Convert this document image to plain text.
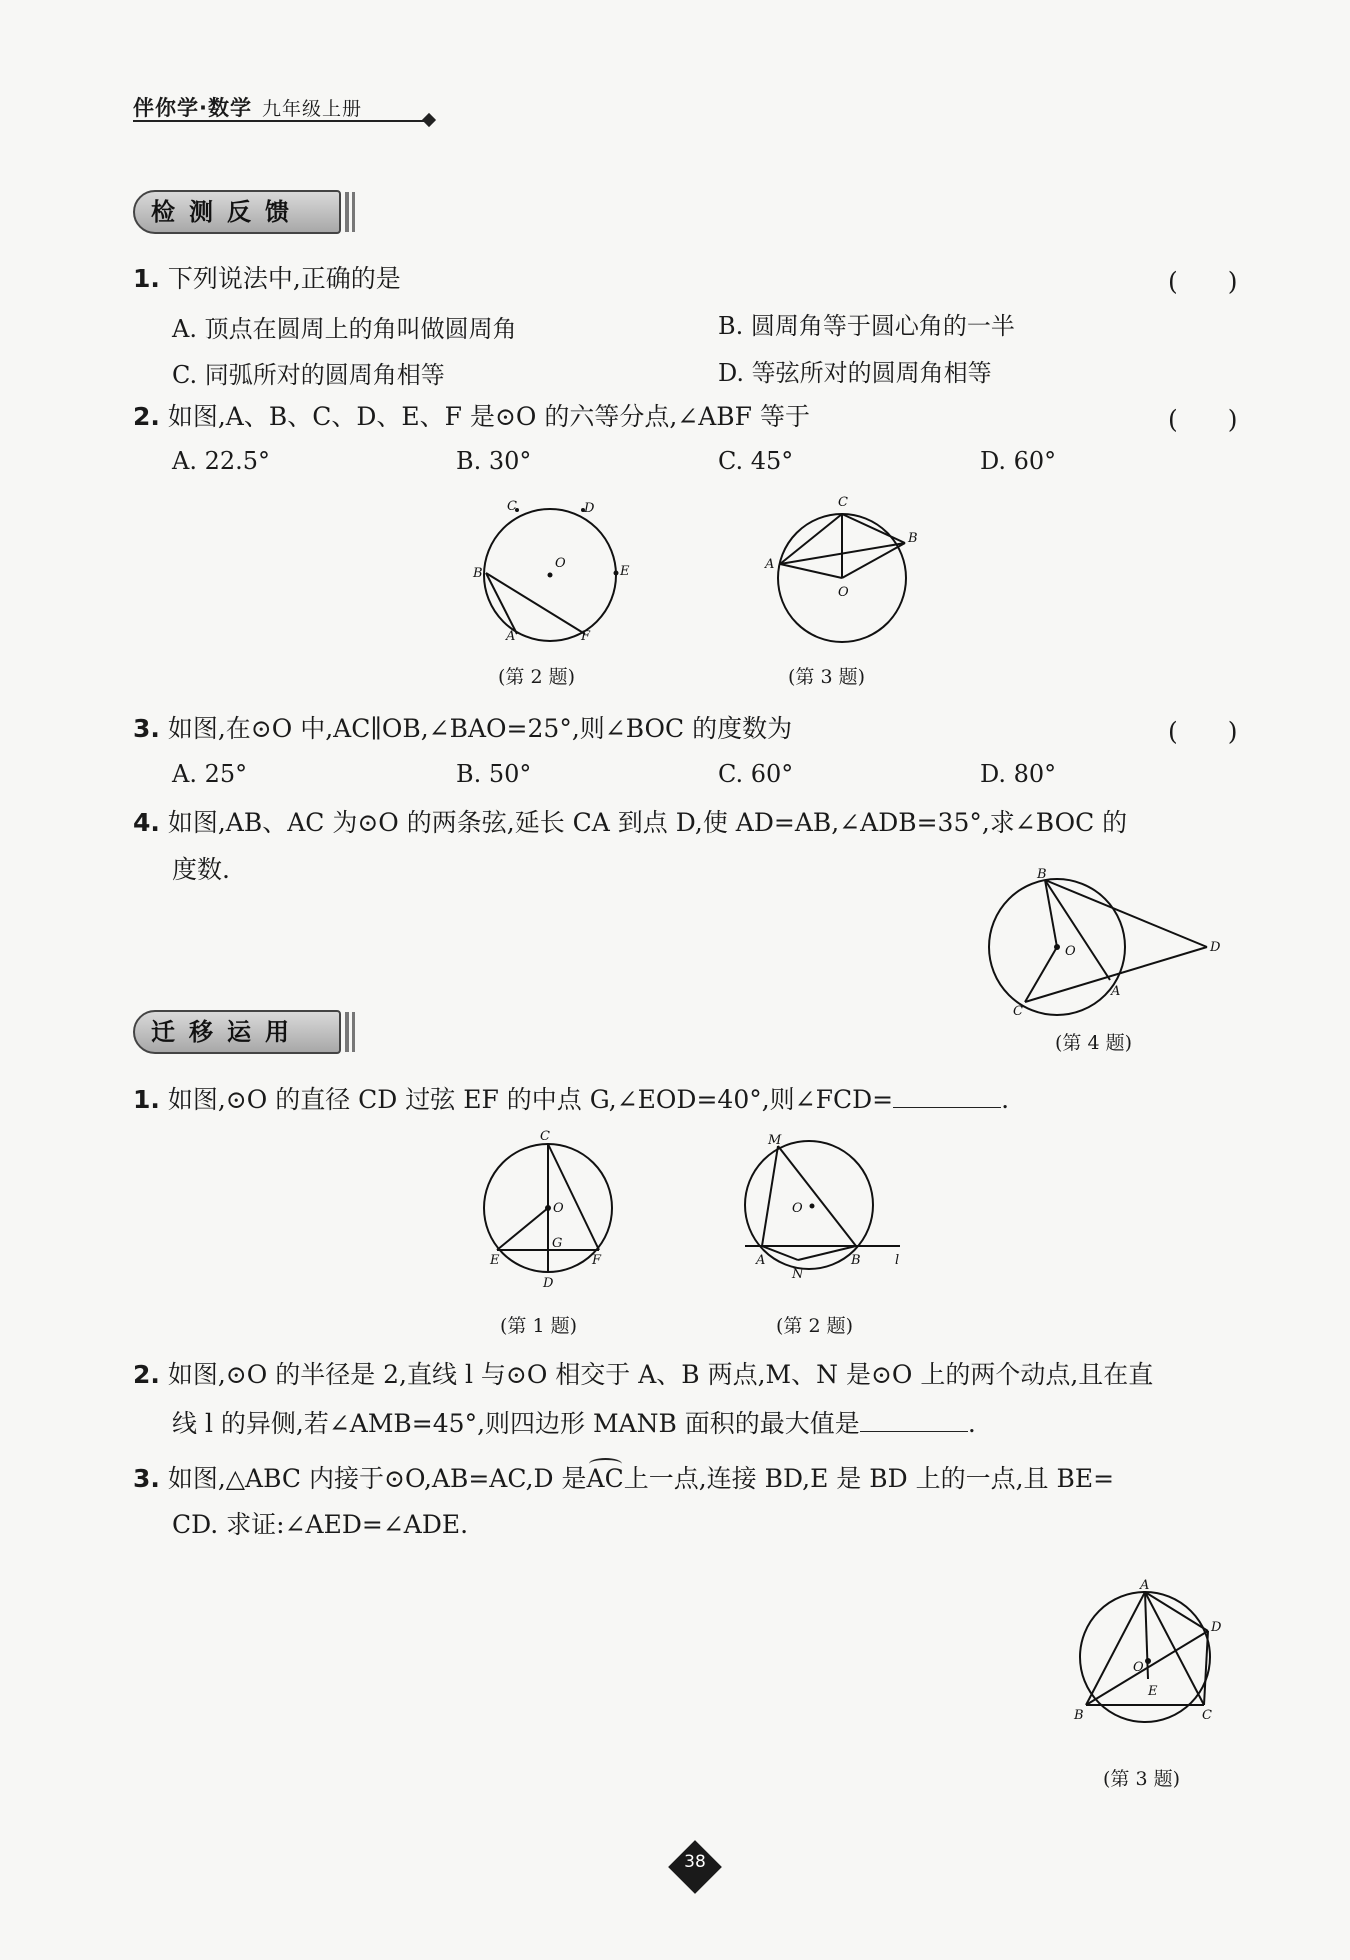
伴你学·数学 九年级上册
检测反馈
1. 下列说法中,正确的是	(　　)
A. 顶点在圆周上的角叫做圆周角	B. 圆周角等于圆心角的一半
C. 同弧所对的圆周角相等	D. 等弦所对的圆周角相等
2. 如图,A、B、C、D、E、F 是⊙O 的六等分点,∠ABF 等于	(　　)
A. 22.5°	B. 30°	C. 45°	D. 60°
C	D
O
B	E
A	F
(第 2 题)
C
B
A
O
(第 3 题)
3. 如图,在⊙O 中,AC∥OB,∠BAO=25°,则∠BOC 的度数为	(　　)
A. 25°	B. 50°	C. 60°	D. 80°
4. 如图,AB、AC 为⊙O 的两条弦,延长 CA 到点 D,使 AD=AB,∠ADB=35°,求∠BOC 的
度数.	B
O	D
A
C
(第 4 题)
迁移运用
1. 如图,⊙O 的直径 CD 过弦 EF 的中点 G,∠EOD=40°,则∠FCD=	.
C
O
E
G
F
D
(第 1 题)
M
O
A
N
B	l
(第 2 题)
2. 如图,⊙O 的半径是 2,直线 l 与⊙O 相交于 A、B 两点,M、N 是⊙O 上的两个动点,且在直
线 l 的异侧,若∠AMB=45°,则四边形 MANB 面积的最大值是	.
3. 如图,△ABC 内接于⊙O,AB=AC,D 是
AC上一点,连接 BD,E 是 BD 上的一点,且 BE=
CD. 求证:∠AED=∠ADE.
A
D
O
E
B	C
(第 3 题)
38
